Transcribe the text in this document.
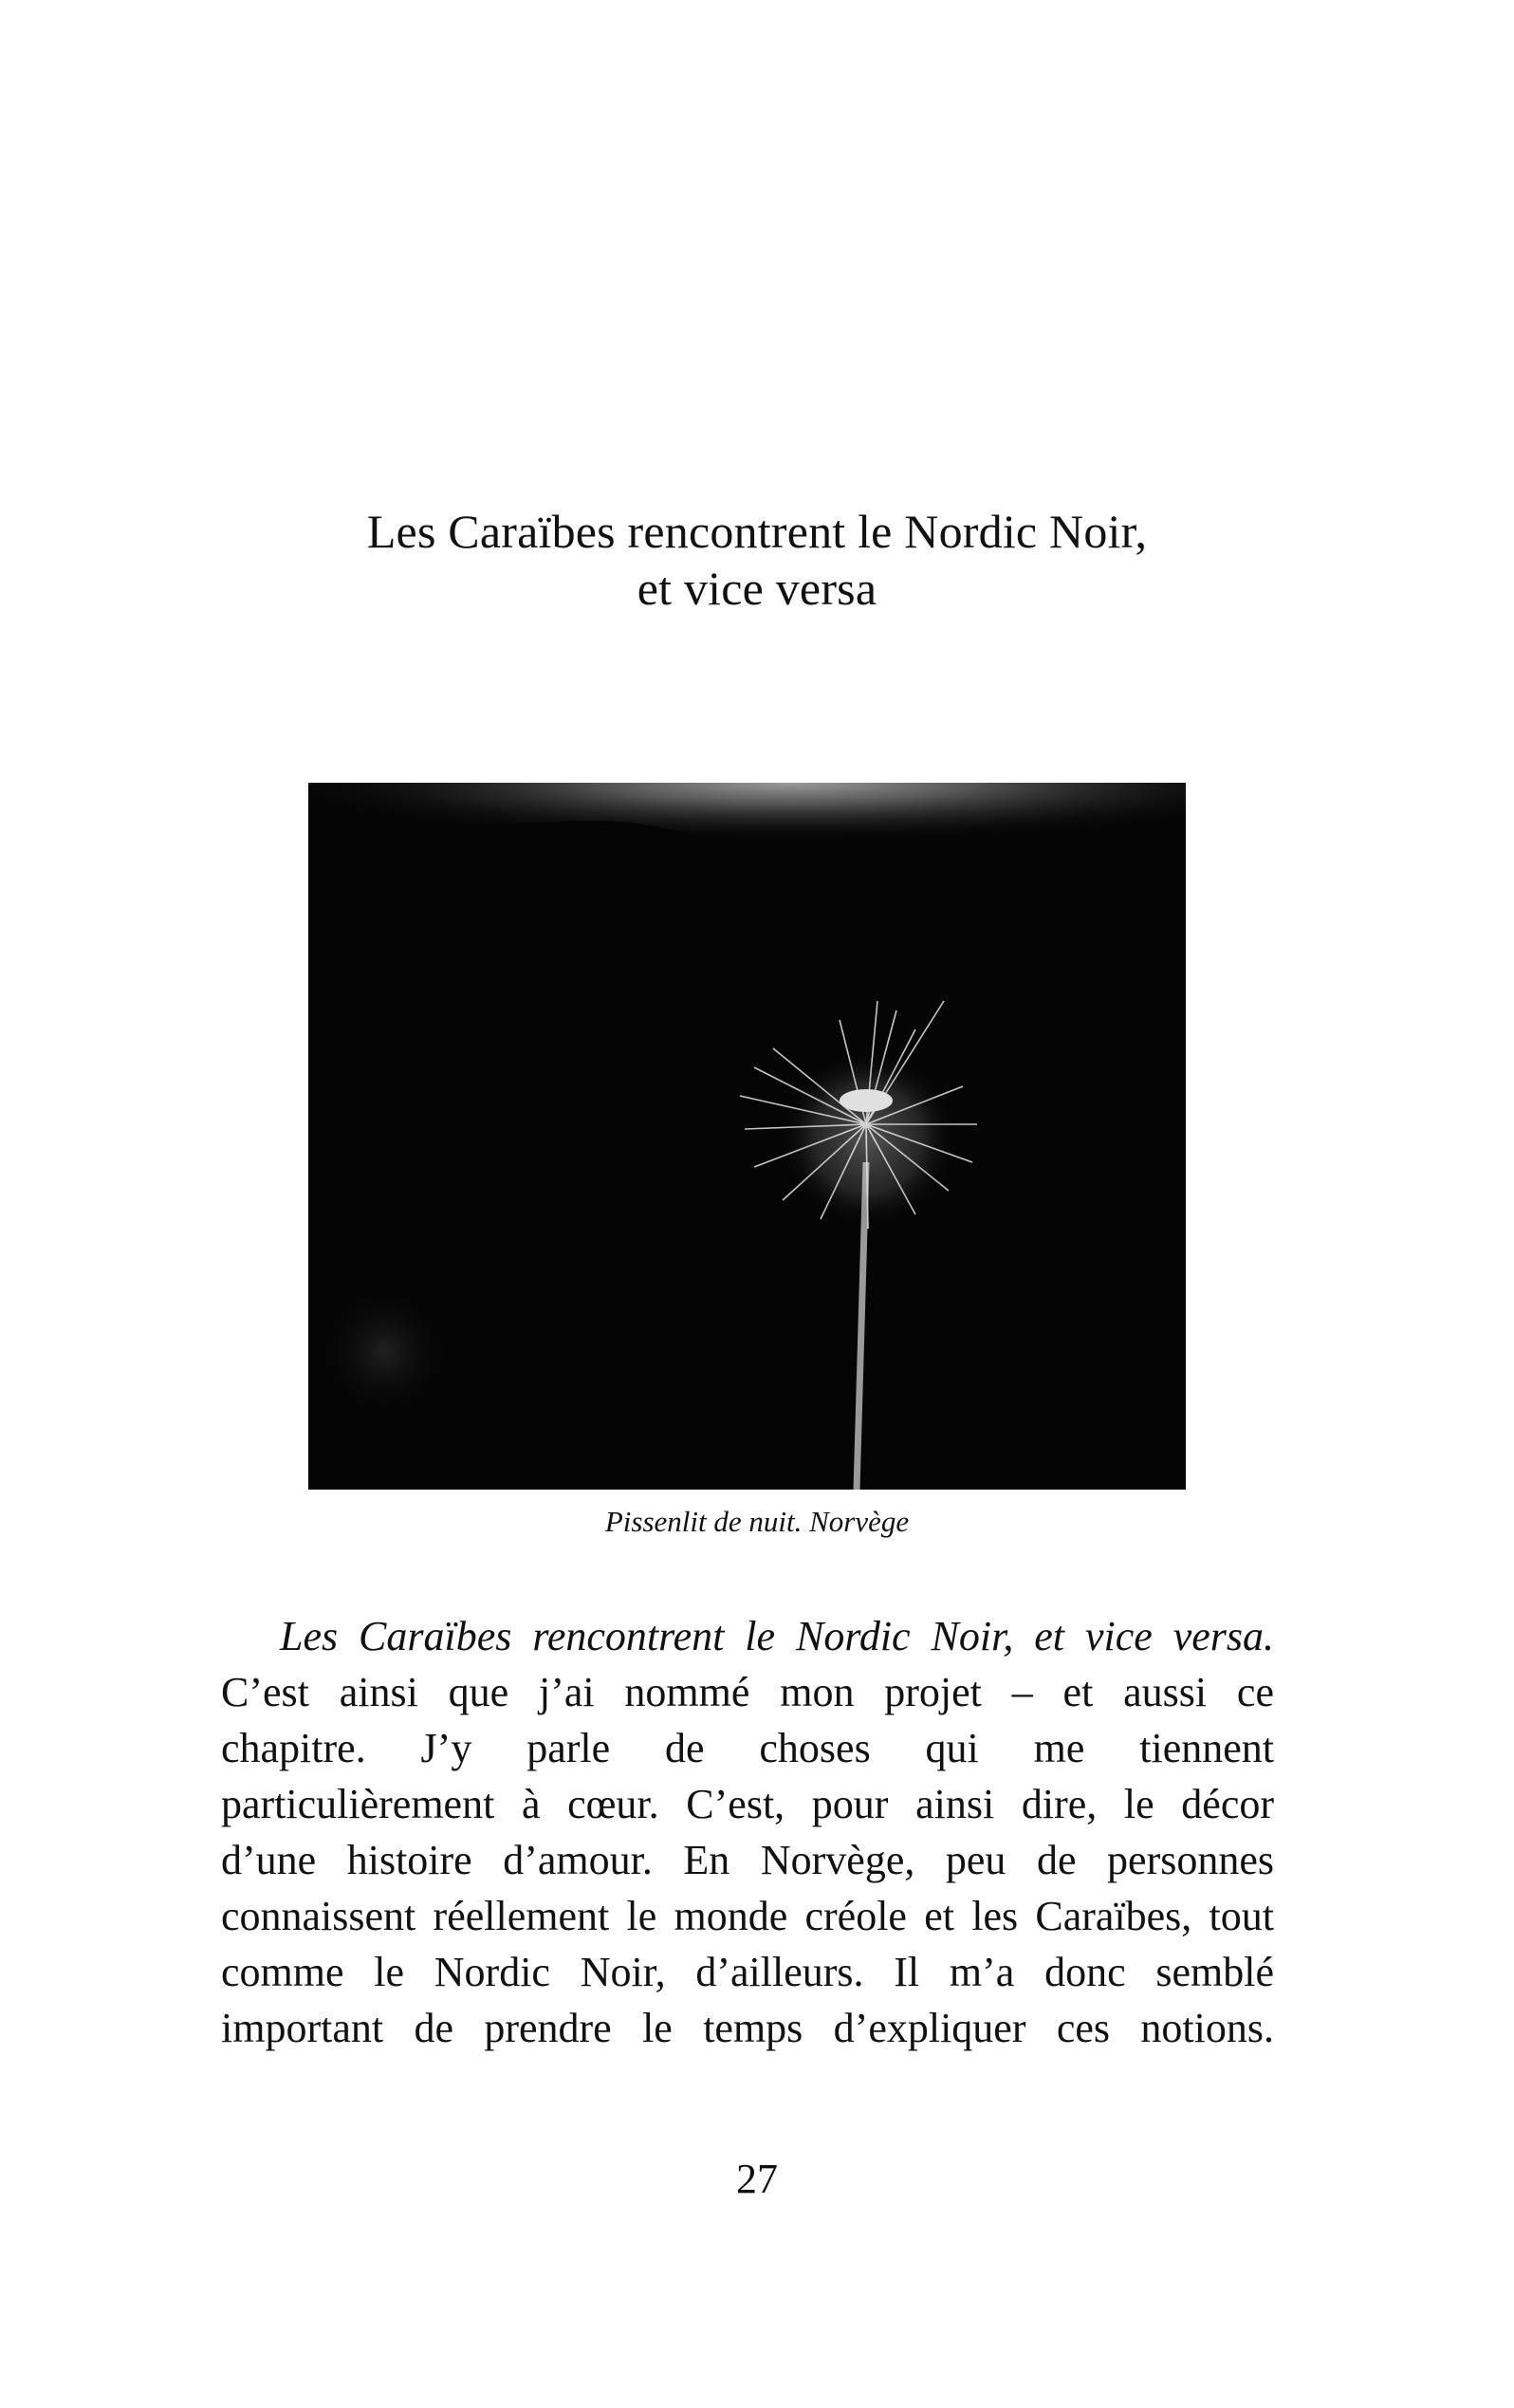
Les Caraïbes rencontrent le Nordic Noir,
et vice versa
Pissenlit de nuit. Norvège
Les Caraïbes rencontrent le Nordic Noir, et vice versa.
C’est ainsi que j’ai nommé mon projet – et aussi ce
chapitre. J’y parle de choses qui me tiennent
particulièrement à cœur. C’est, pour ainsi dire, le décor
d’une histoire d’amour. En Norvège, peu de personnes
connaissent réellement le monde créole et les Caraïbes, tout
comme le Nordic Noir, d’ailleurs. Il m’a donc semblé
important de prendre le temps d’expliquer ces notions.
27
